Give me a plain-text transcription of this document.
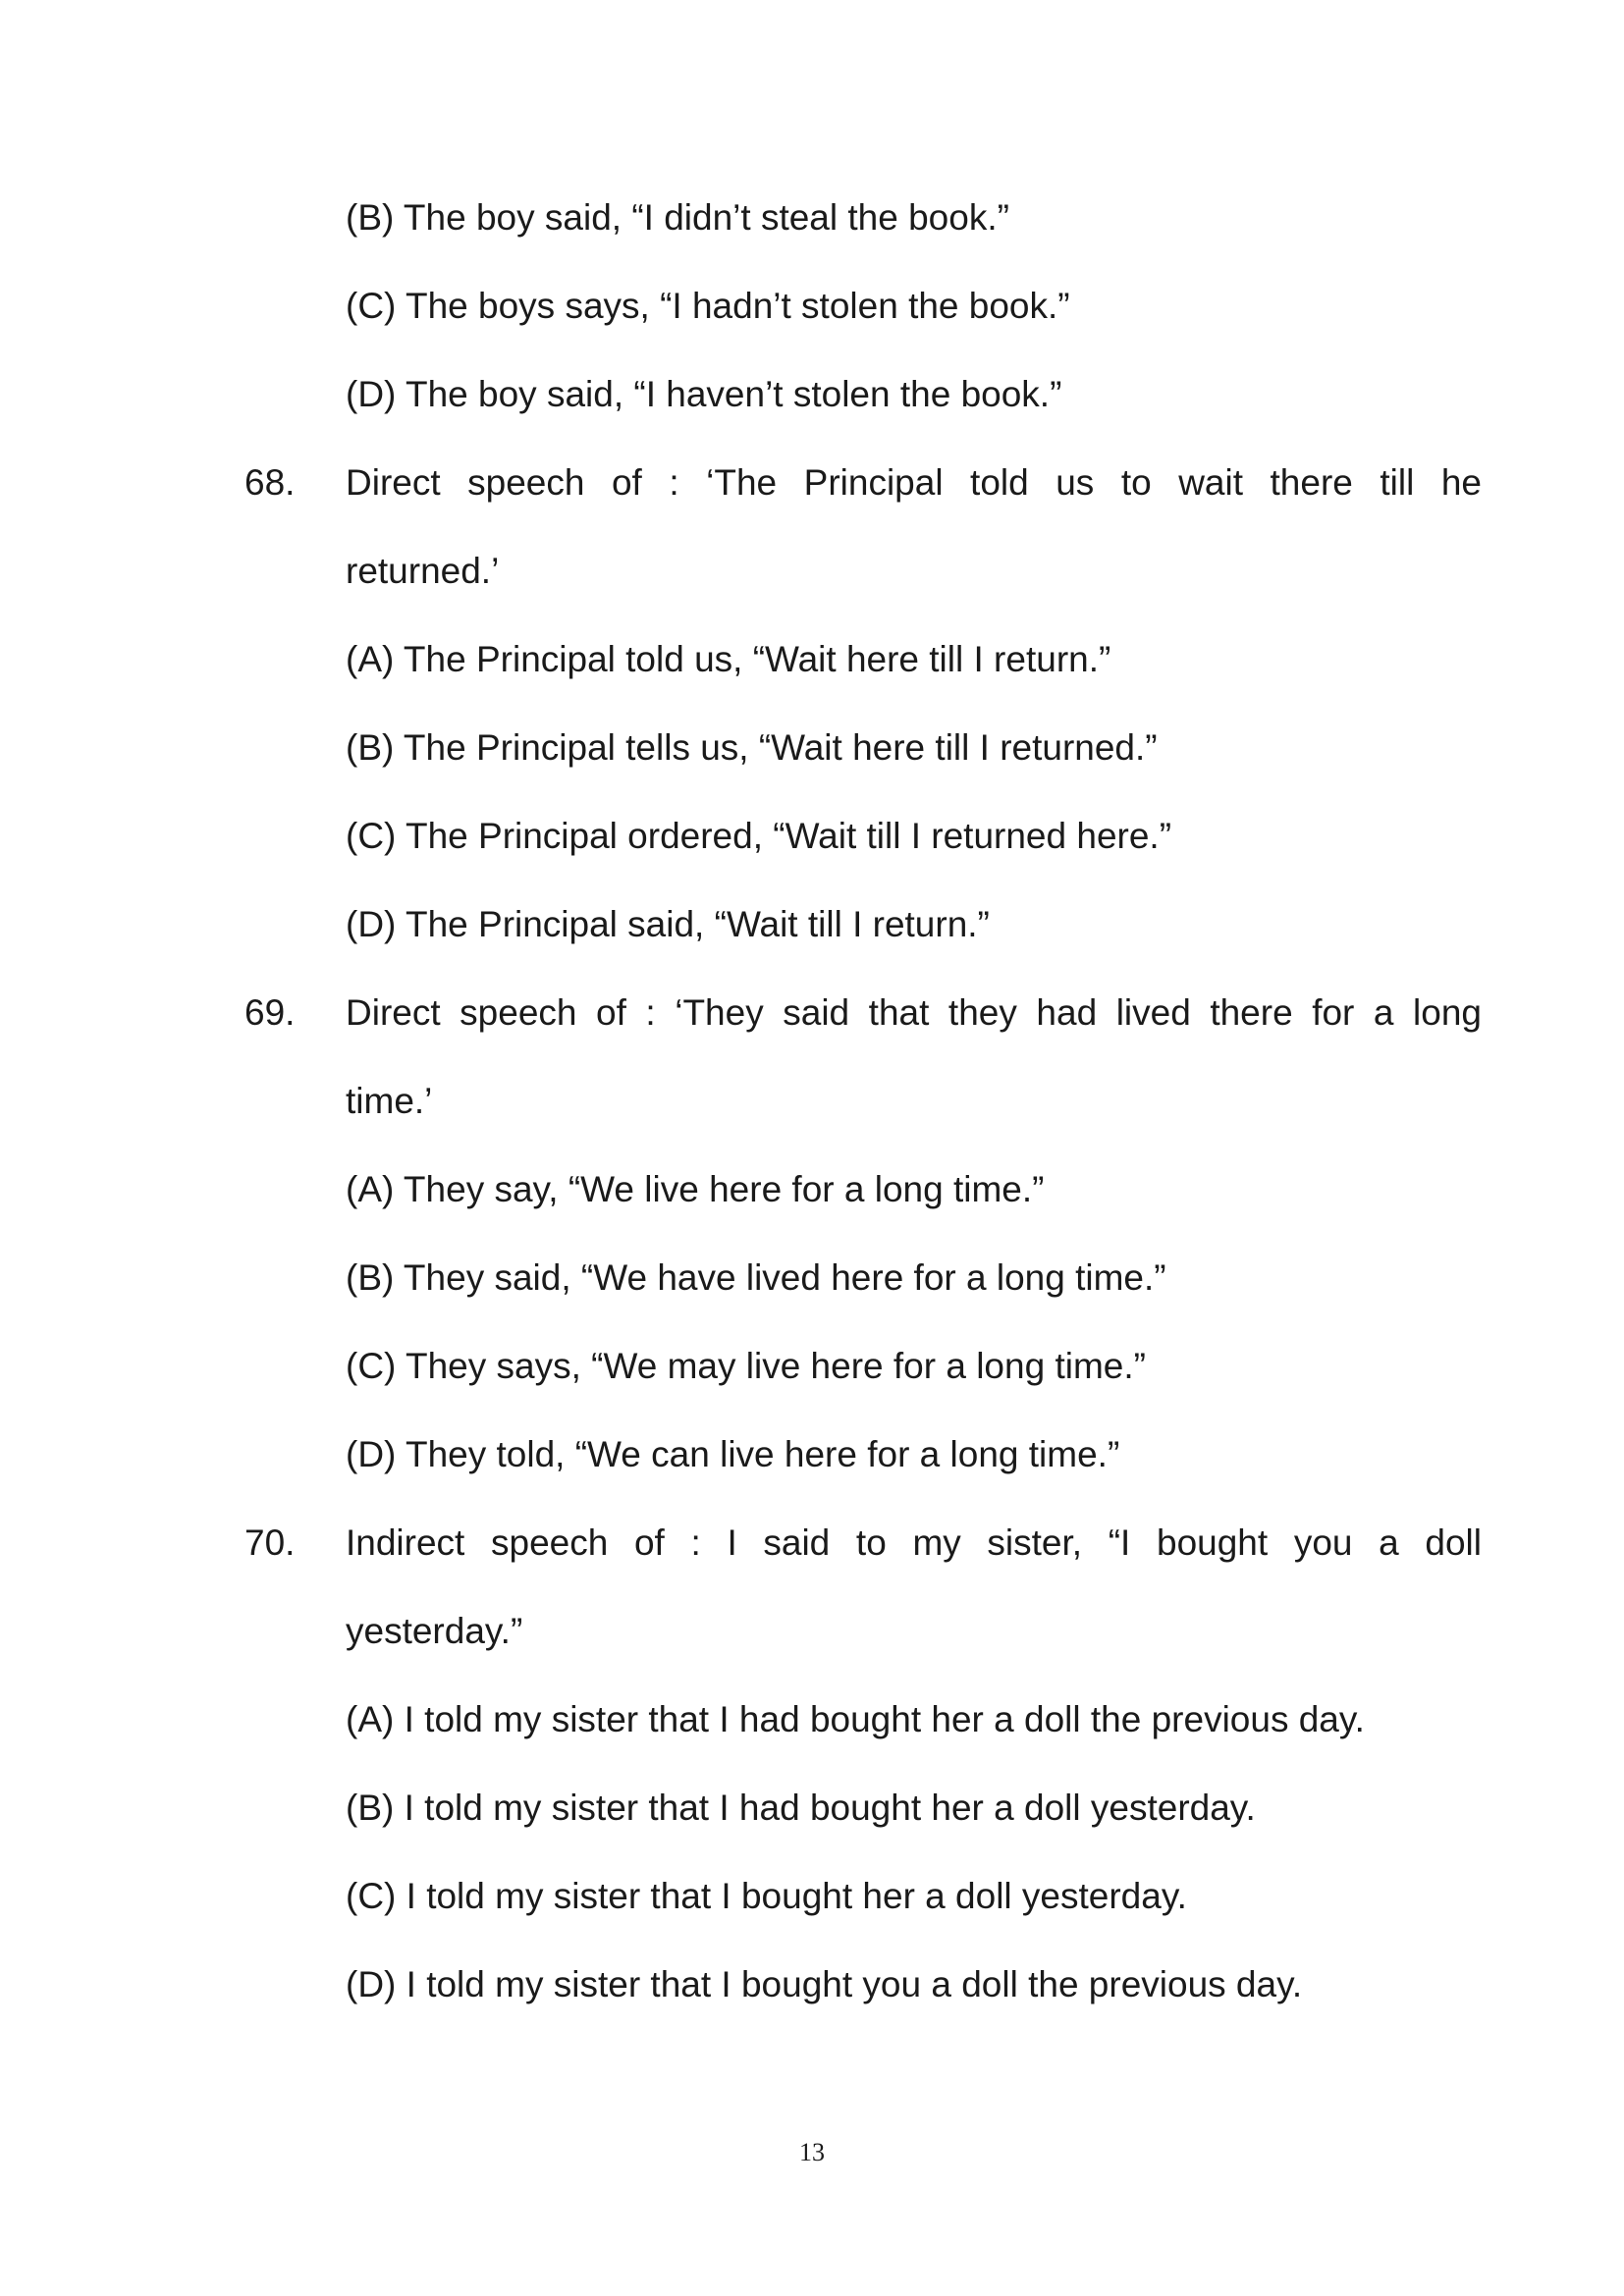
(B) The boy said, “I didn’t steal the book.”
(C) The boys says, “I hadn’t stolen the book.”
(D) The boy said, “I haven’t stolen the book.”
68. Direct speech of : ‘The Principal told us to wait there till he
returned.’
(A) The Principal told us, “Wait here till I return.”
(B) The Principal tells us, “Wait here till I returned.”
(C) The Principal ordered, “Wait till I returned here.”
(D) The Principal said, “Wait till I return.”
69. Direct speech of : ‘They said that they had lived there for a long
time.’
(A) They say, “We live here for a long time.”
(B) They said, “We have lived here for a long time.”
(C) They says, “We may live here for a long time.”
(D) They told, “We can live here for a long time.”
70. Indirect speech of : I said to my sister, “I bought you a doll
yesterday.”
(A) I told my sister that I had bought her a doll the previous day.
(B) I told my sister that I had bought her a doll yesterday.
(C) I told my sister that I bought her a doll yesterday.
(D) I told my sister that I bought you a doll the previous day.
13
